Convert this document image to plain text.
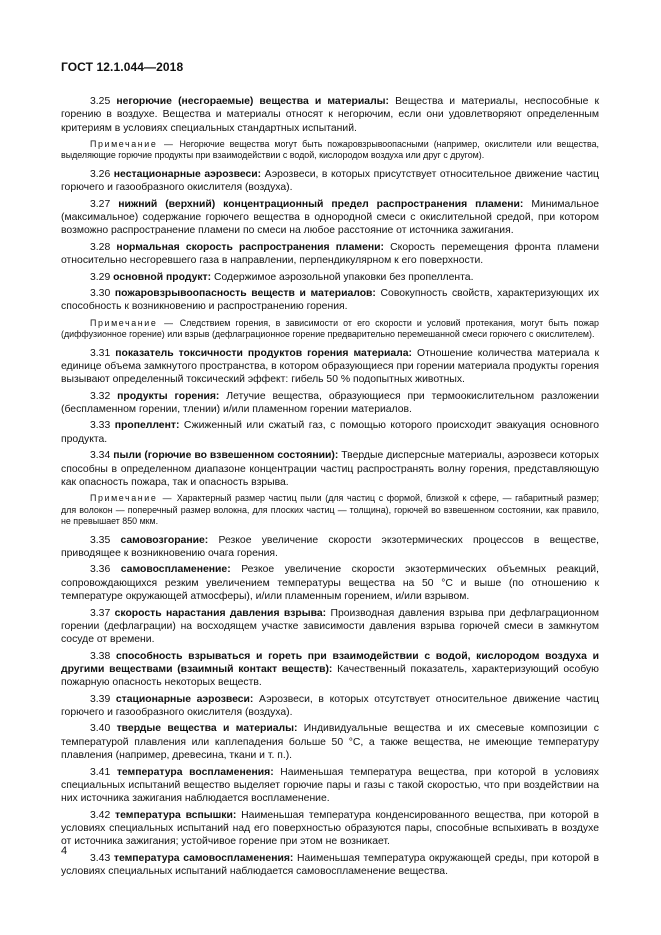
ГОСТ 12.1.044—2018

3.25 негорючие (несгораемые) вещества и материалы: Вещества и материалы, неспособные к горению в воздухе. Вещества и материалы относят к негорючим, если они удовлетворяют определенным критериям в условиях специальных стандартных испытаний.

Примечание — Негорючие вещества могут быть пожаровзрывоопасными (например, окислители или вещества, выделяющие горючие продукты при взаимодействии с водой, кислородом воздуха или друг с другом).

3.26 нестационарные аэрозвеси: Аэрозвеси, в которых присутствует относительное движение частиц горючего и газообразного окислителя (воздуха).

3.27 нижний (верхний) концентрационный предел распространения пламени: Минимальное (максимальное) содержание горючего вещества в однородной смеси с окислительной средой, при котором возможно распространение пламени по смеси на любое расстояние от источника зажигания.

3.28 нормальная скорость распространения пламени: Скорость перемещения фронта пламени относительно несгоревшего газа в направлении, перпендикулярном к его поверхности.

3.29 основной продукт: Содержимое аэрозольной упаковки без пропеллента.

3.30 пожаровзрывоопасность веществ и материалов: Совокупность свойств, характеризующих их способность к возникновению и распространению горения.

Примечание — Следствием горения, в зависимости от его скорости и условий протекания, могут быть пожар (диффузионное горение) или взрыв (дефлаграционное горение предварительно перемешанной смеси горючего с окислителем).

3.31 показатель токсичности продуктов горения материала: Отношение количества материала к единице объема замкнутого пространства, в котором образующиеся при горении материала продукты горения вызывают определенный токсический эффект: гибель 50 % подопытных животных.

3.32 продукты горения: Летучие вещества, образующиеся при термоокислительном разложении (беспламенном горении, тлении) и/или пламенном горении материалов.

3.33 пропеллент: Сжиженный или сжатый газ, с помощью которого происходит эвакуация основного продукта.

3.34 пыли (горючие во взвешенном состоянии): Твердые дисперсные материалы, аэрозвеси которых способны в определенном диапазоне концентрации частиц распространять волну горения, представляющую как опасность пожара, так и опасность взрыва.

Примечание — Характерный размер частиц пыли (для частиц с формой, близкой к сфере, — габаритный размер; для волокон — поперечный размер волокна, для плоских частиц — толщина), горючей во взвешенном состоянии, как правило, не превышает 850 мкм.

3.35 самовозгорание: Резкое увеличение скорости экзотермических процессов в веществе, приводящее к возникновению очага горения.

3.36 самовоспламенение: Резкое увеличение скорости экзотермических объемных реакций, сопровождающихся резким увеличением температуры вещества на 50 °С и выше (по отношению к температуре окружающей атмосферы), и/или пламенным горением, и/или взрывом.

3.37 скорость нарастания давления взрыва: Производная давления взрыва при дефлаграционном горении (дефлаграции) на восходящем участке зависимости давления взрыва горючей смеси в замкнутом сосуде от времени.

3.38 способность взрываться и гореть при взаимодействии с водой, кислородом воздуха и другими веществами (взаимный контакт веществ): Качественный показатель, характеризующий особую пожарную опасность некоторых веществ.

3.39 стационарные аэрозвеси: Аэрозвеси, в которых отсутствует относительное движение частиц горючего и газообразного окислителя (воздуха).

3.40 твердые вещества и материалы: Индивидуальные вещества и их смесевые композиции с температурой плавления или каплепадения больше 50 °С, а также вещества, не имеющие температуру плавления (например, древесина, ткани и т. п.).

3.41 температура воспламенения: Наименьшая температура вещества, при которой в условиях специальных испытаний вещество выделяет горючие пары и газы с такой скоростью, что при воздействии на них источника зажигания наблюдается воспламенение.

3.42 температура вспышки: Наименьшая температура конденсированного вещества, при которой в условиях специальных испытаний над его поверхностью образуются пары, способные вспыхивать в воздухе от источника зажигания; устойчивое горение при этом не возникает.

3.43 температура самовоспламенения: Наименьшая температура окружающей среды, при которой в условиях специальных испытаний наблюдается самовоспламенение вещества.

4
